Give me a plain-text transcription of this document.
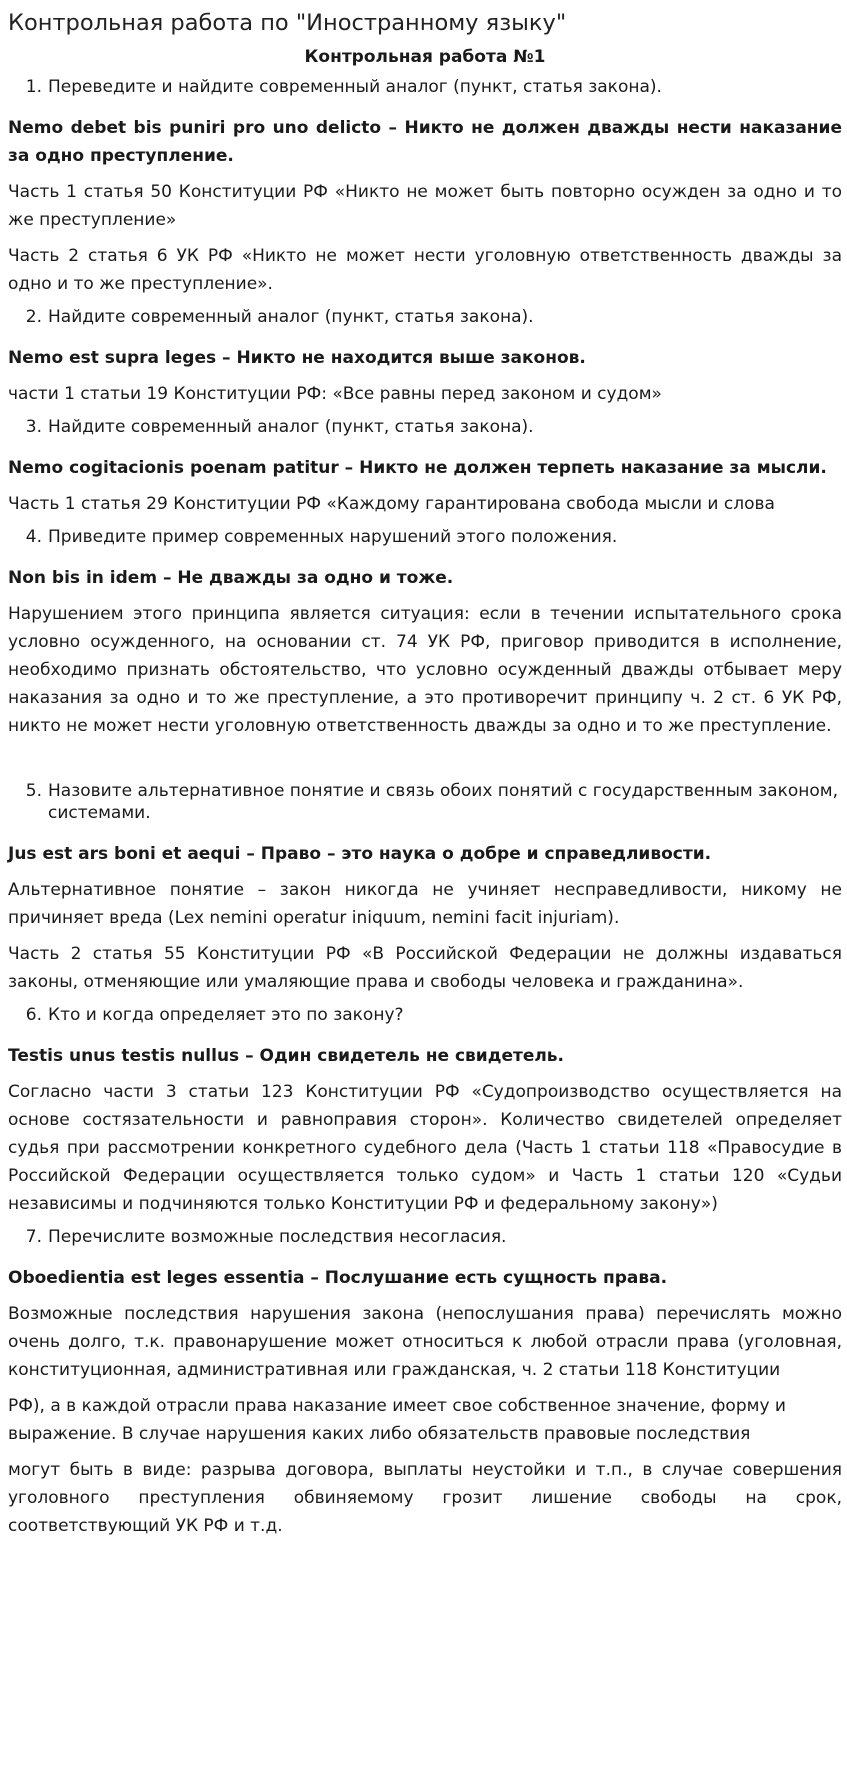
Контрольная работа по "Иностранному языку"
Контрольная работа №1
1. Переведите и найдите современный аналог (пункт, статья закона).
Nemo debet bis puniri pro uno delicto – Никто не должен дважды нести наказание за одно преступление.
Часть 1 статья 50 Конституции РФ «Никто не может быть повторно осужден за одно и то же преступление»
Часть 2 статья 6 УК РФ «Никто не может нести уголовную ответственность дважды за одно и то же преступление».
2. Найдите современный аналог (пункт, статья закона).
Nemo est supra leges – Никто не находится выше законов.
части 1 статьи 19 Конституции РФ: «Все равны перед законом и судом»
3. Найдите современный аналог (пункт, статья закона).
Nemo cogitacionis poenam patitur – Никто не должен терпеть наказание за мысли.
Часть 1 статья 29 Конституции РФ «Каждому гарантирована свобода мысли и слова
4. Приведите пример современных нарушений этого положения.
Non bis in idem – Не дважды за одно и тоже.
Нарушением этого принципа является ситуация: если в течении испытательного срока условно осужденного, на основании ст. 74 УК РФ, приговор приводится в исполнение, необходимо признать обстоятельство, что условно осужденный дважды отбывает меру наказания за одно и то же преступление, а это противоречит принципу ч. 2 ст. 6 УК РФ, никто не может нести уголовную ответственность дважды за одно и то же преступление.
5. Назовите альтернативное понятие и связь обоих понятий с государственным законом, системами.
Jus est ars boni et aequi – Право – это наука о добре и справедливости.
Альтернативное понятие – закон никогда не учиняет несправедливости, никому не причиняет вреда (Lex nemini operatur iniquum, nemini facit injuriam).
Часть 2 статья 55 Конституции РФ «В Российской Федерации не должны издаваться законы, отменяющие или умаляющие права и свободы человека и гражданина».
6. Кто и когда определяет это по закону?
Testis unus testis nullus – Один свидетель не свидетель.
Согласно части 3 статьи 123 Конституции РФ «Судопроизводство осуществляется на основе состязательности и равноправия сторон». Количество свидетелей определяет судья при рассмотрении конкретного судебного дела (Часть 1 статьи 118 «Правосудие в Российской Федерации осуществляется только судом» и Часть 1 статьи 120 «Судьи независимы и подчиняются только Конституции РФ и федеральному закону»)
7. Перечислите возможные последствия несогласия.
Oboedientia est leges essentia – Послушание есть сущность права.
Возможные последствия нарушения закона (непослушания права) перечислять можно очень долго, т.к. правонарушение может относиться к любой отрасли права (уголовная, конституционная, административная или гражданская, ч. 2 статьи 118 Конституции
РФ), а в каждой отрасли права наказание имеет свое собственное значение, форму и выражение. В случае нарушения каких либо обязательств правовые последствия
могут быть в виде: разрыва договора, выплаты неустойки и т.п., в случае совершения уголовного преступления обвиняемому грозит лишение свободы на срок, соответствующий УК РФ и т.д.
